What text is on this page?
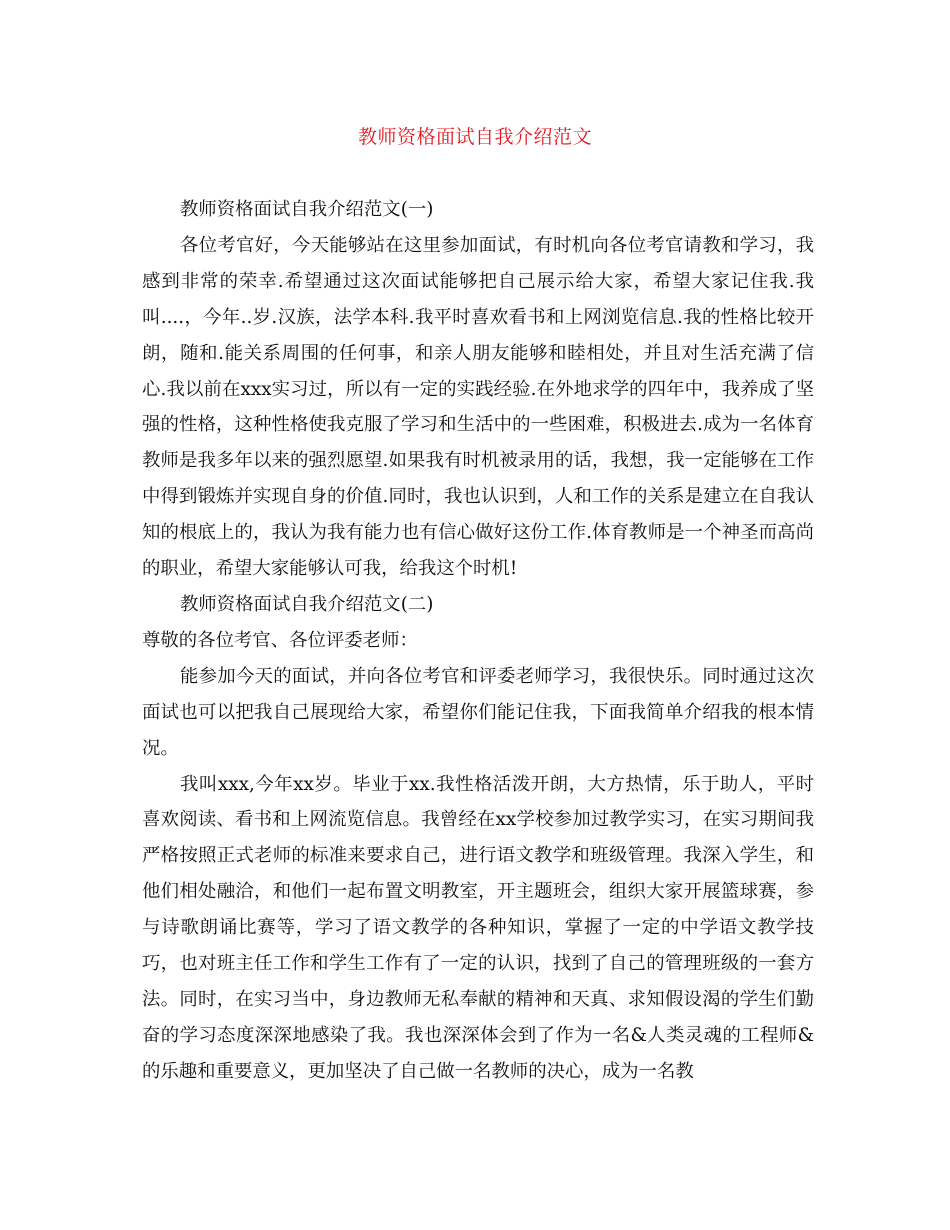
教师资格面试自我介绍范文

教师资格面试自我介绍范文(一)

各位考官好，今天能够站在这里参加面试，有时机向各位考官请教和学习，我感到非常的荣幸.希望通过这次面试能够把自己展示给大家，希望大家记住我.我叫....，今年..岁.汉族，法学本科.我平时喜欢看书和上网浏览信息.我的性格比较开朗，随和.能关系周围的任何事，和亲人朋友能够和睦相处，并且对生活充满了信心.我以前在xxx实习过，所以有一定的实践经验.在外地求学的四年中，我养成了坚强的性格，这种性格使我克服了学习和生活中的一些困难，积极进去.成为一名体育教师是我多年以来的强烈愿望.如果我有时机被录用的话，我想，我一定能够在工作中得到锻炼并实现自身的价值.同时，我也认识到，人和工作的关系是建立在自我认知的根底上的，我认为我有能力也有信心做好这份工作.体育教师是一个神圣而高尚的职业，希望大家能够认可我，给我这个时机!

教师资格面试自我介绍范文(二)

尊敬的各位考官、各位评委老师：

能参加今天的面试，并向各位考官和评委老师学习，我很快乐。同时通过这次面试也可以把我自己展现给大家，希望你们能记住我，下面我简单介绍我的根本情况。

我叫xxx,今年xx岁。毕业于xx.我性格活泼开朗，大方热情，乐于助人，平时喜欢阅读、看书和上网流览信息。我曾经在xx学校参加过教学实习，在实习期间我严格按照正式老师的标准来要求自己，进行语文教学和班级管理。我深入学生，和他们相处融洽，和他们一起布置文明教室，开主题班会，组织大家开展篮球赛，参与诗歌朗诵比赛等，学习了语文教学的各种知识，掌握了一定的中学语文教学技巧，也对班主任工作和学生工作有了一定的认识，找到了自己的管理班级的一套方法。同时，在实习当中，身边教师无私奉献的精神和天真、求知假设渴的学生们勤奋的学习态度深深地感染了我。我也深深体会到了作为一名&人类灵魂的工程师&的乐趣和重要意义，更加坚决了自己做一名教师的决心，成为一名教
